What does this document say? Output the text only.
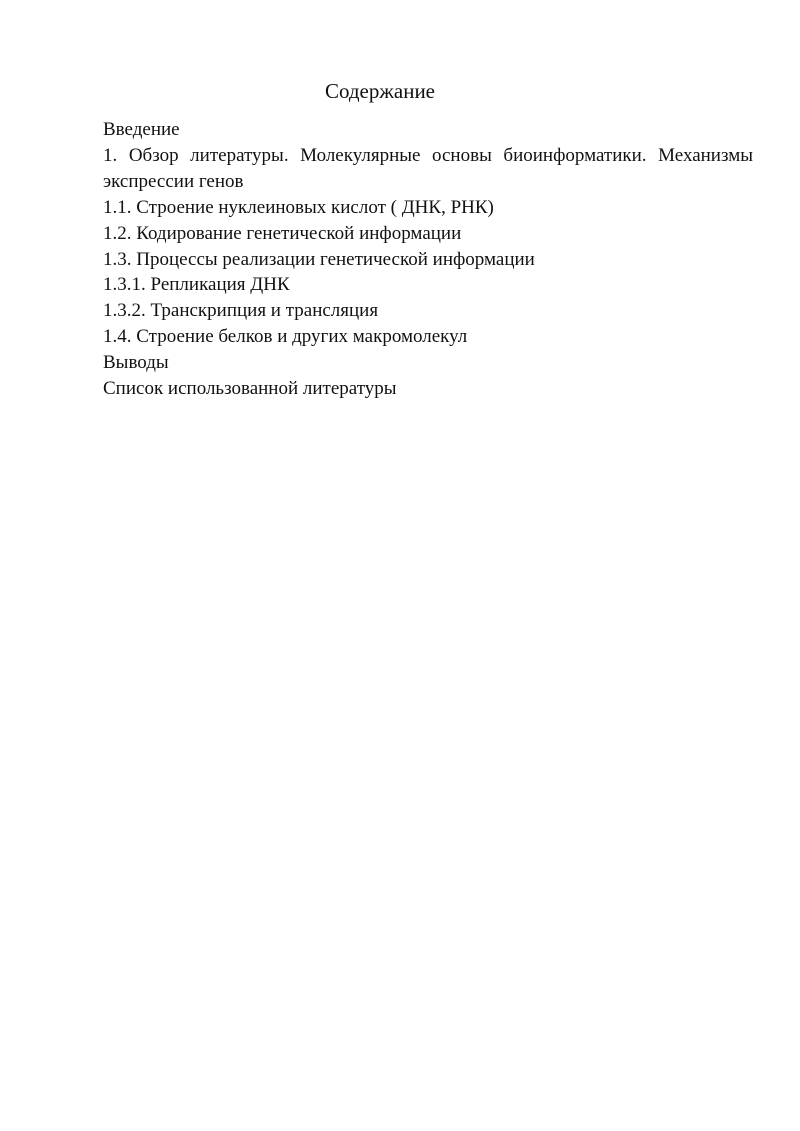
Содержание
Введение
1. Обзор литературы. Молекулярные основы биоинформатики. Механизмы экспрессии генов
1.1. Строение нуклеиновых кислот ( ДНК, РНК)
1.2. Кодирование генетической информации
1.3. Процессы реализации генетической информации
1.3.1. Репликация ДНК
1.3.2. Транскрипция и трансляция
1.4. Строение белков и других макромолекул
Выводы
Список использованной литературы
